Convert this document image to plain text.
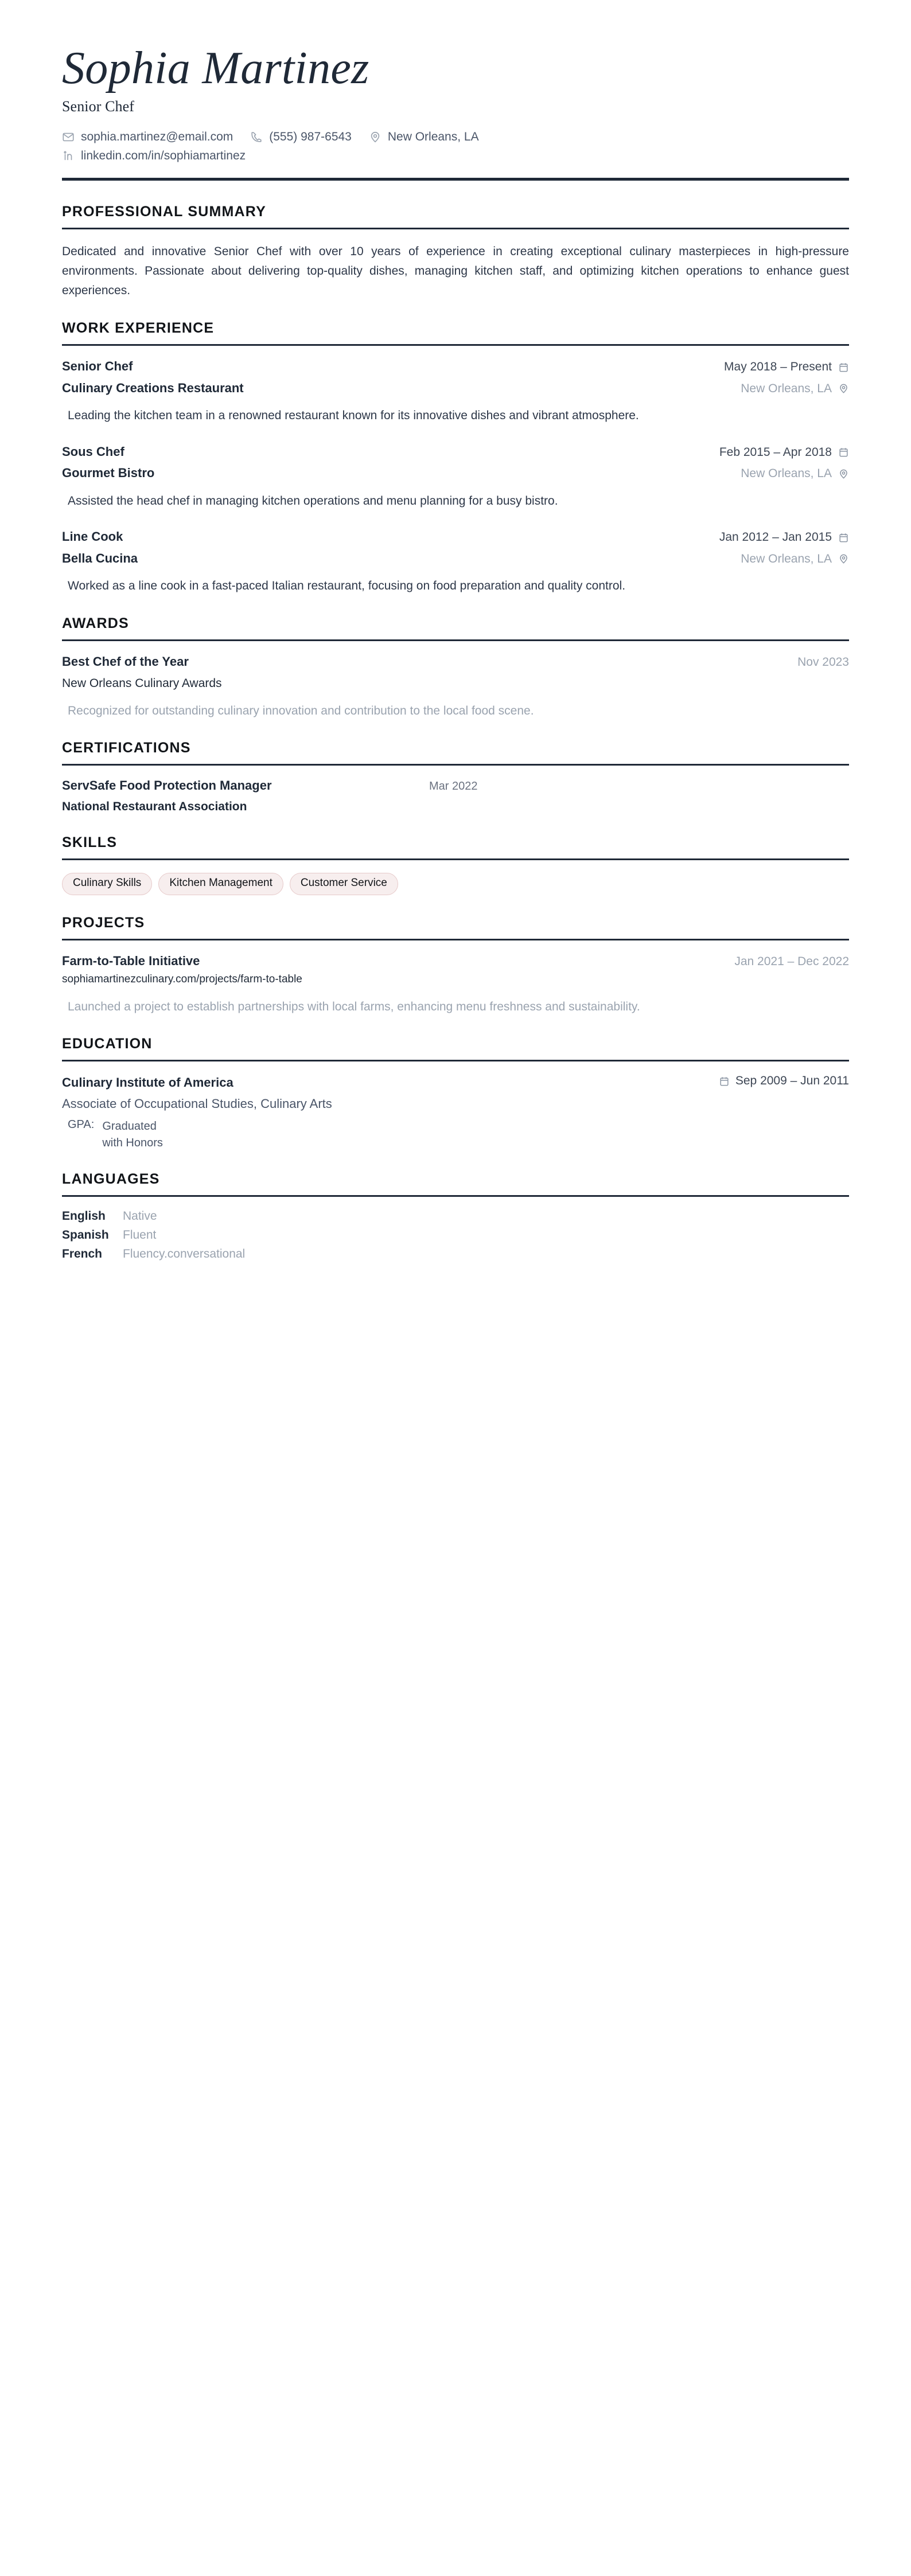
Sophia Martinez
Senior Chef
sophia.martinez@email.com	(555) 987-6543	New Orleans, LA
linkedin.com/in/sophiamartinez
PROFESSIONAL SUMMARY

Dedicated and innovative Senior Chef with over 10 years of experience in creating exceptional culinary masterpieces in high-pressure environments. Passionate about delivering top-quality dishes, managing kitchen staff, and optimizing kitchen operations to enhance guest experiences.

WORK EXPERIENCE
Senior Chef	May 2018 – Present
Culinary Creations Restaurant	New Orleans, LA
Leading the kitchen team in a renowned restaurant known for its innovative dishes and vibrant atmosphere.
Sous Chef	Feb 2015 – Apr 2018
Gourmet Bistro	New Orleans, LA
Assisted the head chef in managing kitchen operations and menu planning for a busy bistro.
Line Cook	Jan 2012 – Jan 2015
Bella Cucina	New Orleans, LA
Worked as a line cook in a fast-paced Italian restaurant, focusing on food preparation and quality control.
AWARDS
Best Chef of the Year	Nov 2023
New Orleans Culinary Awards
Recognized for outstanding culinary innovation and contribution to the local food scene.
CERTIFICATIONS
ServSafe Food Protection Manager	Mar 2022
National Restaurant Association
SKILLS
Culinary Skills	Kitchen Management	Customer Service
PROJECTS
Farm-to-Table Initiative	Jan 2021 – Dec 2022
sophiamartinezculinary.com/projects/farm-to-table
Launched a project to establish partnerships with local farms, enhancing menu freshness and sustainability.
EDUCATION
Culinary Institute of America	Sep 2009 – Jun 2011
Associate of Occupational Studies, Culinary Arts
GPA: Graduated with Honors
LANGUAGES
English Native
Spanish Fluent
French	Fluency.conversational
